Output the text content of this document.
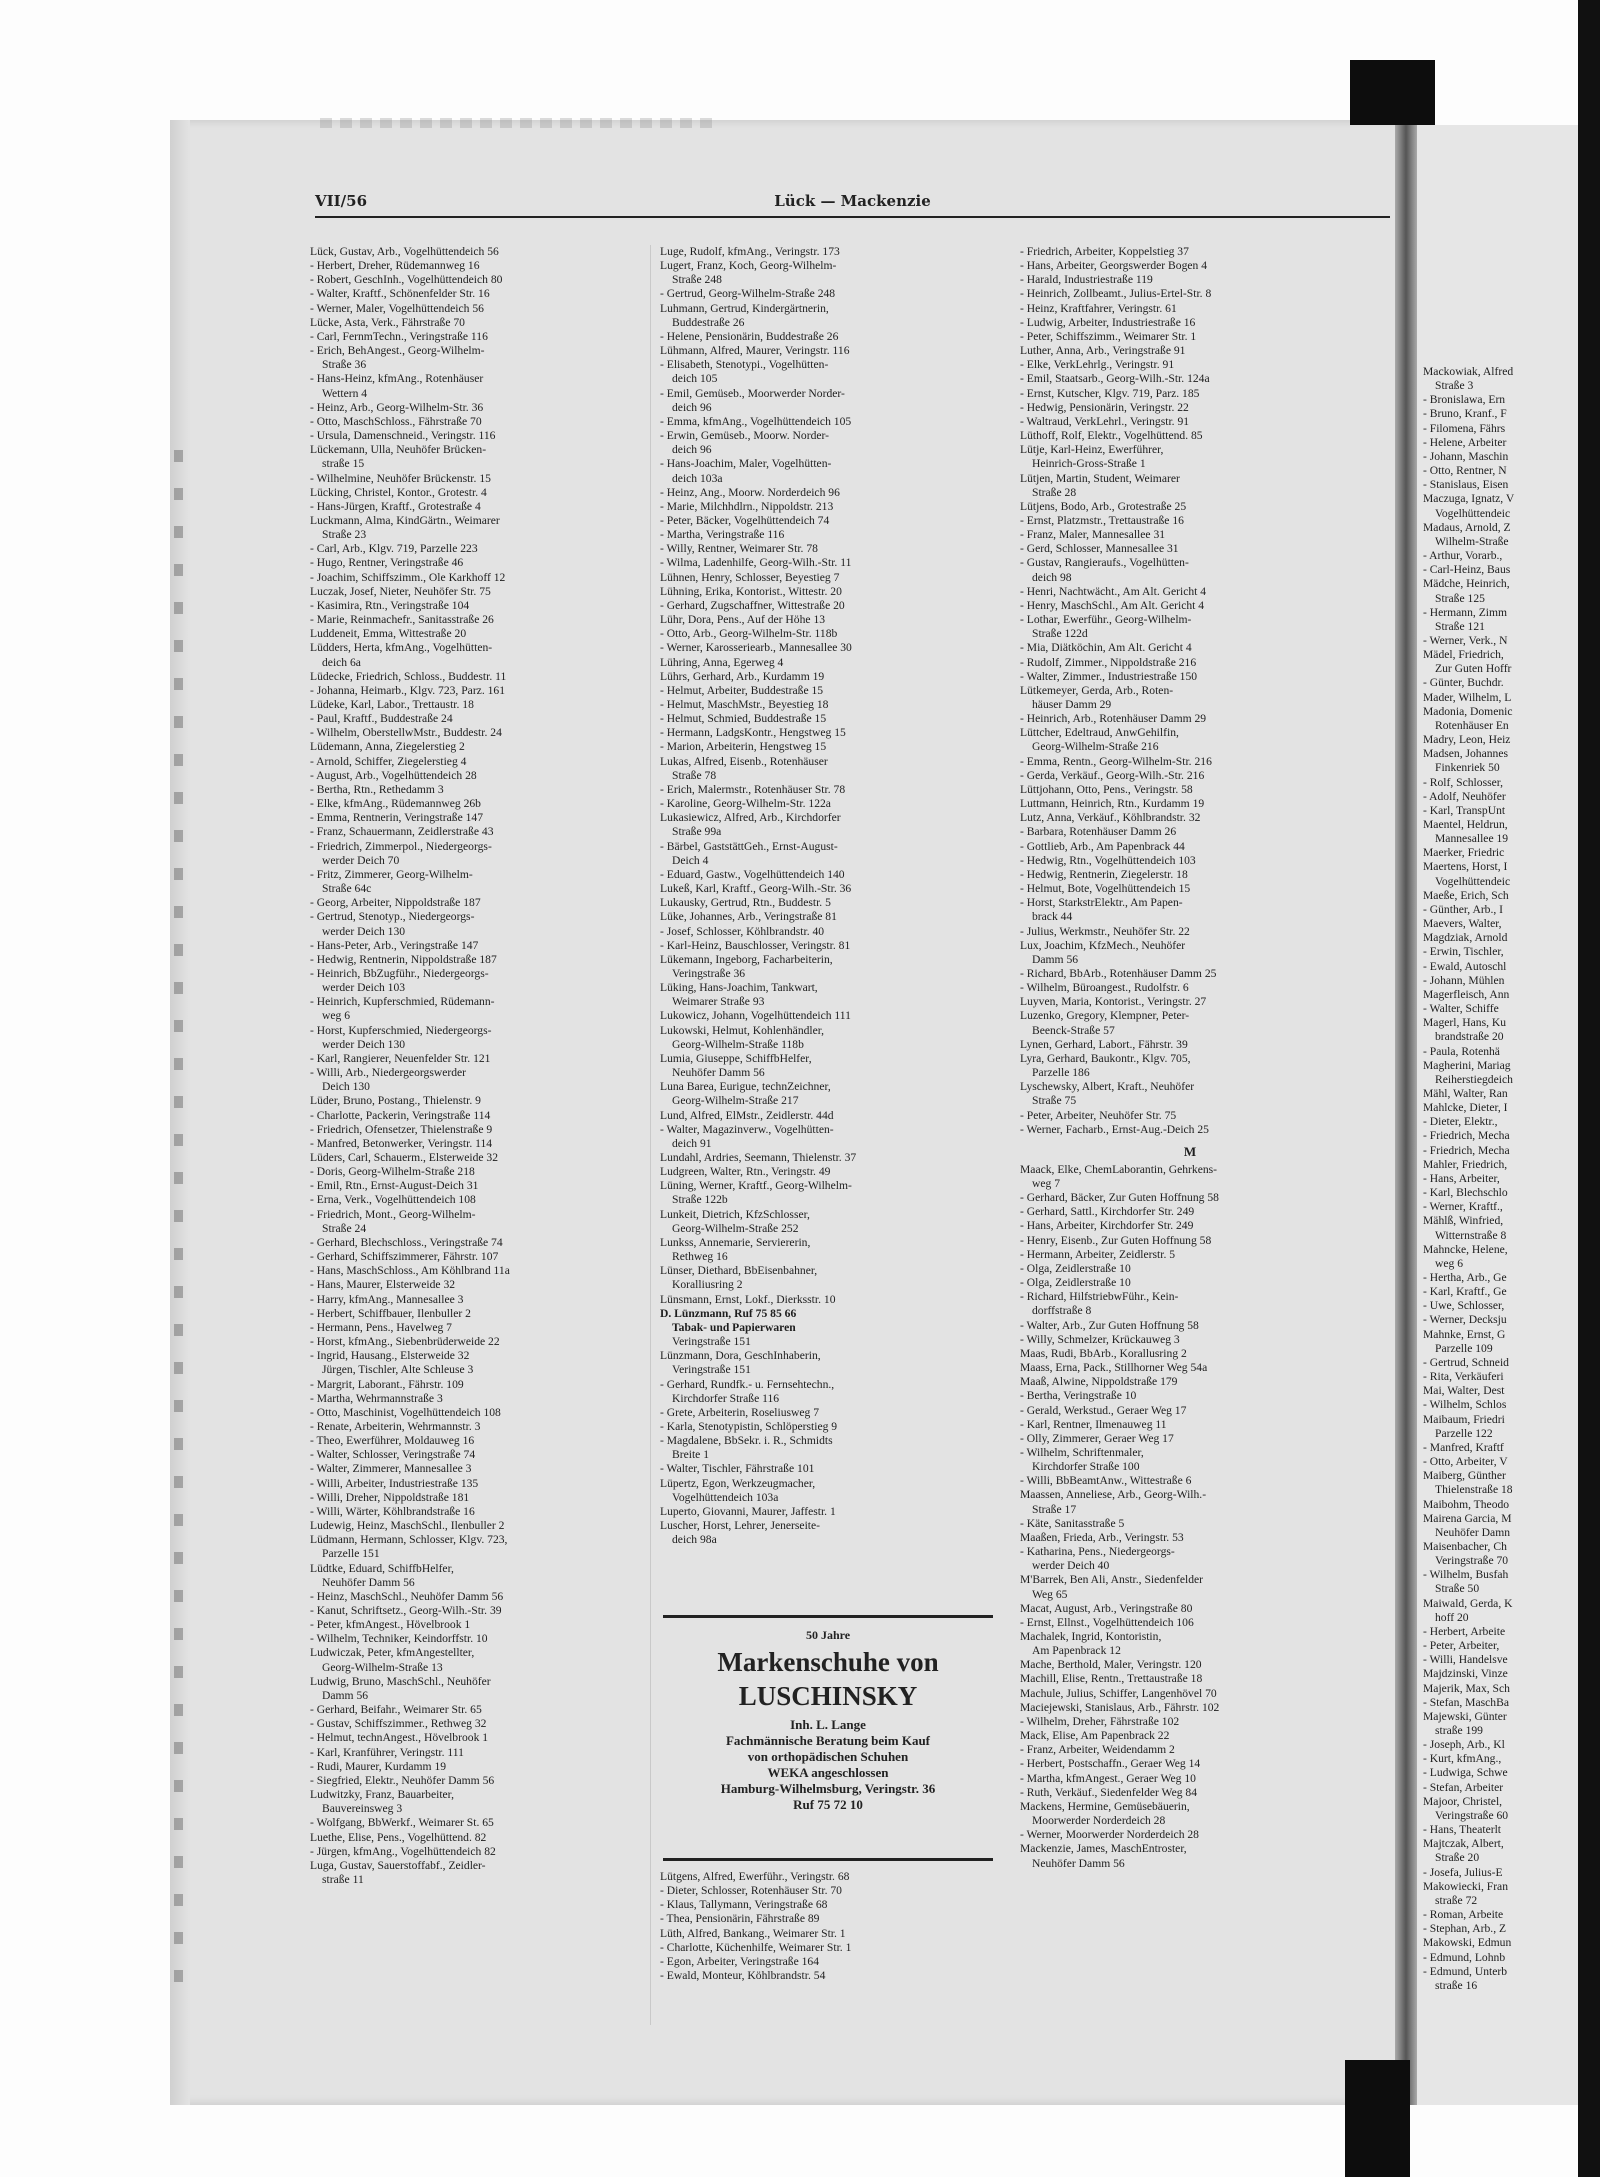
Mackowiak, Alfred
Straße 3
- Bronislawa, Ern
- Bruno, Kranf., F
- Filomena, Fährs
- Helene, Arbeiter
- Johann, Maschin
- Otto, Rentner, N
- Stanislaus, Eisen
Maczuga, Ignatz, V
Vogelhüttendeic
Madaus, Arnold, Z
Wilhelm-Straße
- Arthur, Vorarb.,
- Carl-Heinz, Baus
Mädche, Heinrich,
Straße 125
- Hermann, Zimm
Straße 121
- Werner, Verk., N
Mädel, Friedrich,
Zur Guten Hoffr
- Günter, Buchdr.
Mader, Wilhelm, L
Madonia, Domenic
Rotenhäuser En
Madry, Leon, Heiz
Madsen, Johannes
Finkenriek 50
- Rolf, Schlosser,
- Adolf, Neuhöfer
- Karl, TranspUnt
Maentel, Heldrun,
Mannesallee 19
Maerker, Friedric
Maertens, Horst, I
Vogelhüttendeic
Maeße, Erich, Sch
- Günther, Arb., I
Maevers, Walter,
Magdziak, Arnold
- Erwin, Tischler,
- Ewald, Autoschl
- Johann, Mühlen
Magerfleisch, Ann
- Walter, Schiffe
Magerl, Hans, Ku
brandstraße 20
- Paula, Rotenhä
Magherini, Mariag
Reiherstiegdeich
Mähl, Walter, Ran
Mahlcke, Dieter, I
- Dieter, Elektr.,
- Friedrich, Mecha
- Friedrich, Mecha
Mahler, Friedrich,
- Hans, Arbeiter,
- Karl, Blechschlo
- Werner, Kraftf.,
Mählß, Winfried,
Witternstraße 8
Mahncke, Helene,
weg 6
- Hertha, Arb., Ge
- Karl, Kraftf., Ge
- Uwe, Schlosser,
- Werner, Decksju
Mahnke, Ernst, G
Parzelle 109
- Gertrud, Schneid
- Rita, Verkäuferi
Mai, Walter, Dest
- Wilhelm, Schlos
Maibaum, Friedri
Parzelle 122
- Manfred, Kraftf
- Otto, Arbeiter, V
Maiberg, Günther
Thielenstraße 18
Maibohm, Theodo
Mairena Garcia, M
Neuhöfer Damn
Maisenbacher, Ch
Veringstraße 70
- Wilhelm, Busfah
Straße 50
Maiwald, Gerda, K
hoff 20
- Herbert, Arbeite
- Peter, Arbeiter,
- Willi, Handelsve
Majdzinski, Vinze
Majerik, Max, Sch
- Stefan, MaschBa
Majewski, Günter
straße 199
- Joseph, Arb., Kl
- Kurt, kfmAng.,
- Ludwiga, Schwe
- Stefan, Arbeiter
Majoor, Christel,
Veringstraße 60
- Hans, Theaterlt
Majtczak, Albert,
Straße 20
- Josefa, Julius-E
Makowiecki, Fran
straße 72
- Roman, Arbeite
- Stephan, Arb., Z
Makowski, Edmun
- Edmund, Lohnb
- Edmund, Unterb
straße 16
VII/56	Lück — Mackenzie
Lück, Gustav, Arb., Vogelhüttendeich 56
- Herbert, Dreher, Rüdemannweg 16
- Robert, GeschInh., Vogelhüttendeich 80
- Walter, Kraftf., Schönenfelder Str. 16
- Werner, Maler, Vogelhüttendeich 56
Lücke, Asta, Verk., Fährstraße 70
- Carl, FernmTechn., Veringstraße 116
- Erich, BehAngest., Georg-Wilhelm-
Straße 36
- Hans-Heinz, kfmAng., Rotenhäuser
Wettern 4
- Heinz, Arb., Georg-Wilhelm-Str. 36
- Otto, MaschSchloss., Fährstraße 70
- Ursula, Damenschneid., Veringstr. 116
Lückemann, Ulla, Neuhöfer Brücken-
straße 15
- Wilhelmine, Neuhöfer Brückenstr. 15
Lücking, Christel, Kontor., Grotestr. 4
- Hans-Jürgen, Kraftf., Grotestraße 4
Luckmann, Alma, KindGärtn., Weimarer
Straße 23
- Carl, Arb., Klgv. 719, Parzelle 223
- Hugo, Rentner, Veringstraße 46
- Joachim, Schiffszimm., Ole Karkhoff 12
Luczak, Josef, Nieter, Neuhöfer Str. 75
- Kasimira, Rtn., Veringstraße 104
- Marie, Reinmachefr., Sanitasstraße 26
Luddeneit, Emma, Wittestraße 20
Lüdders, Herta, kfmAng., Vogelhütten-
deich 6a
Lüdecke, Friedrich, Schloss., Buddestr. 11
- Johanna, Heimarb., Klgv. 723, Parz. 161
Lüdeke, Karl, Labor., Trettaustr. 18
- Paul, Kraftf., Buddestraße 24
- Wilhelm, OberstellwMstr., Buddestr. 24
Lüdemann, Anna, Ziegelerstieg 2
- Arnold, Schiffer, Ziegelerstieg 4
- August, Arb., Vogelhüttendeich 28
- Bertha, Rtn., Rethedamm 3
- Elke, kfmAng., Rüdemannweg 26b
- Emma, Rentnerin, Veringstraße 147
- Franz, Schauermann, Zeidlerstraße 43
- Friedrich, Zimmerpol., Niedergeorgs-
werder Deich 70
- Fritz, Zimmerer, Georg-Wilhelm-
Straße 64c
- Georg, Arbeiter, Nippoldstraße 187
- Gertrud, Stenotyp., Niedergeorgs-
werder Deich 130
- Hans-Peter, Arb., Veringstraße 147
- Hedwig, Rentnerin, Nippoldstraße 187
- Heinrich, BbZugführ., Niedergeorgs-
werder Deich 103
- Heinrich, Kupferschmied, Rüdemann-
weg 6
- Horst, Kupferschmied, Niedergeorgs-
werder Deich 130
- Karl, Rangierer, Neuenfelder Str. 121
- Willi, Arb., Niedergeorgswerder
Deich 130
Lüder, Bruno, Postang., Thielenstr. 9
- Charlotte, Packerin, Veringstraße 114
- Friedrich, Ofensetzer, Thielenstraße 9
- Manfred, Betonwerker, Veringstr. 114
Lüders, Carl, Schauerm., Elsterweide 32
- Doris, Georg-Wilhelm-Straße 218
- Emil, Rtn., Ernst-August-Deich 31
- Erna, Verk., Vogelhüttendeich 108
- Friedrich, Mont., Georg-Wilhelm-
Straße 24
- Gerhard, Blechschloss., Veringstraße 74
- Gerhard, Schiffszimmerer, Fährstr. 107
- Hans, MaschSchloss., Am Köhlbrand 11a
- Hans, Maurer, Elsterweide 32
- Harry, kfmAng., Mannesallee 3
- Herbert, Schiffbauer, Ilenbuller 2
- Hermann, Pens., Havelweg 7
- Horst, kfmAng., Siebenbrüderweide 22
- Ingrid, Hausang., Elsterweide 32
Jürgen, Tischler, Alte Schleuse 3
- Margrit, Laborant., Fährstr. 109
- Martha, Wehrmannstraße 3
- Otto, Maschinist, Vogelhüttendeich 108
- Renate, Arbeiterin, Wehrmannstr. 3
- Theo, Ewerführer, Moldauweg 16
- Walter, Schlosser, Veringstraße 74
- Walter, Zimmerer, Mannesallee 3
- Willi, Arbeiter, Industriestraße 135
- Willi, Dreher, Nippoldstraße 181
- Willi, Wärter, Köhlbrandstraße 16
Ludewig, Heinz, MaschSchl., Ilenbuller 2
Lüdmann, Hermann, Schlosser, Klgv. 723,
Parzelle 151
Lüdtke, Eduard, SchiffbHelfer,
Neuhöfer Damm 56
- Heinz, MaschSchl., Neuhöfer Damm 56
- Kanut, Schriftsetz., Georg-Wilh.-Str. 39
- Peter, kfmAngest., Hövelbrook 1
- Wilhelm, Techniker, Keindorffstr. 10
Ludwiczak, Peter, kfmAngestellter,
Georg-Wilhelm-Straße 13
Ludwig, Bruno, MaschSchl., Neuhöfer
Damm 56
- Gerhard, Beifahr., Weimarer Str. 65
- Gustav, Schiffszimmer., Rethweg 32
- Helmut, technAngest., Hövelbrook 1
- Karl, Kranführer, Veringstr. 111
- Rudi, Maurer, Kurdamm 19
- Siegfried, Elektr., Neuhöfer Damm 56
Ludwitzky, Franz, Bauarbeiter,
Bauvereinsweg 3
- Wolfgang, BbWerkf., Weimarer St. 65
Luethe, Elise, Pens., Vogelhüttend. 82
- Jürgen, kfmAng., Vogelhüttendeich 82
Luga, Gustav, Sauerstoffabf., Zeidler-
straße 11
Luge, Rudolf, kfmAng., Veringstr. 173
Lugert, Franz, Koch, Georg-Wilhelm-
Straße 248
- Gertrud, Georg-Wilhelm-Straße 248
Luhmann, Gertrud, Kindergärtnerin,
Buddestraße 26
- Helene, Pensionärin, Buddestraße 26
Lühmann, Alfred, Maurer, Veringstr. 116
- Elisabeth, Stenotypi., Vogelhütten-
deich 105
- Emil, Gemüseb., Moorwerder Norder-
deich 96
- Emma, kfmAng., Vogelhüttendeich 105
- Erwin, Gemüseb., Moorw. Norder-
deich 96
- Hans-Joachim, Maler, Vogelhütten-
deich 103a
- Heinz, Ang., Moorw. Norderdeich 96
- Marie, Milchhdlrn., Nippoldstr. 213
- Peter, Bäcker, Vogelhüttendeich 74
- Martha, Veringstraße 116
- Willy, Rentner, Weimarer Str. 78
- Wilma, Ladenhilfe, Georg-Wilh.-Str. 11
Lühnen, Henry, Schlosser, Beyestieg 7
Lühning, Erika, Kontorist., Wittestr. 20
- Gerhard, Zugschaffner, Wittestraße 20
Lühr, Dora, Pens., Auf der Höhe 13
- Otto, Arb., Georg-Wilhelm-Str. 118b
- Werner, Karosseriearb., Mannesallee 30
Lühring, Anna, Egerweg 4
Lührs, Gerhard, Arb., Kurdamm 19
- Helmut, Arbeiter, Buddestraße 15
- Helmut, MaschMstr., Beyestieg 18
- Helmut, Schmied, Buddestraße 15
- Hermann, LadgsKontr., Hengstweg 15
- Marion, Arbeiterin, Hengstweg 15
Lukas, Alfred, Eisenb., Rotenhäuser
Straße 78
- Erich, Malermstr., Rotenhäuser Str. 78
- Karoline, Georg-Wilhelm-Str. 122a
Lukasiewicz, Alfred, Arb., Kirchdorfer
Straße 99a
- Bärbel, GaststättGeh., Ernst-August-
Deich 4
- Eduard, Gastw., Vogelhüttendeich 140
Lukeß, Karl, Kraftf., Georg-Wilh.-Str. 36
Lukausky, Gertrud, Rtn., Buddestr. 5
Lüke, Johannes, Arb., Veringstraße 81
- Josef, Schlosser, Köhlbrandstr. 40
- Karl-Heinz, Bauschlosser, Veringstr. 81
Lükemann, Ingeborg, Facharbeiterin,
Veringstraße 36
Lüking, Hans-Joachim, Tankwart,
Weimarer Straße 93
Lukowicz, Johann, Vogelhüttendeich 111
Lukowski, Helmut, Kohlenhändler,
Georg-Wilhelm-Straße 118b
Lumia, Giuseppe, SchiffbHelfer,
Neuhöfer Damm 56
Luna Barea, Eurigue, technZeichner,
Georg-Wilhelm-Straße 217
Lund, Alfred, ElMstr., Zeidlerstr. 44d
- Walter, Magazinverw., Vogelhütten-
deich 91
Lundahl, Ardries, Seemann, Thielenstr. 37
Ludgreen, Walter, Rtn., Veringstr. 49
Lüning, Werner, Kraftf., Georg-Wilhelm-
Straße 122b
Lunkeit, Dietrich, KfzSchlosser,
Georg-Wilhelm-Straße 252
Lunkss, Annemarie, Serviererin,
Rethweg 16
Lünser, Diethard, BbEisenbahner,
Koralliusring 2
Lünsmann, Ernst, Lokf., Dierksstr. 10
D. Lünzmann, Ruf 75 85 66
Tabak- und Papierwaren
Veringstraße 151
Lünzmann, Dora, GeschInhaberin,
Veringstraße 151
- Gerhard, Rundfk.- u. Fernsehtechn.,
Kirchdorfer Straße 116
- Grete, Arbeiterin, Roseliusweg 7
- Karla, Stenotypistin, Schlöperstieg 9
- Magdalene, BbSekr. i. R., Schmidts
Breite 1
- Walter, Tischler, Fährstraße 101
Lüpertz, Egon, Werkzeugmacher,
Vogelhüttendeich 103a
Luperto, Giovanni, Maurer, Jaffestr. 1
Luscher, Horst, Lehrer, Jenerseite-
deich 98a
- Friedrich, Arbeiter, Koppelstieg 37
- Hans, Arbeiter, Georgswerder Bogen 4
- Harald, Industriestraße 119
- Heinrich, Zollbeamt., Julius-Ertel-Str. 8
- Heinz, Kraftfahrer, Veringstr. 61
- Ludwig, Arbeiter, Industriestraße 16
- Peter, Schiffszimm., Weimarer Str. 1
Luther, Anna, Arb., Veringstraße 91
- Elke, VerkLehrlg., Veringstr. 91
- Emil, Staatsarb., Georg-Wilh.-Str. 124a
- Ernst, Kutscher, Klgv. 719, Parz. 185
- Hedwig, Pensionärin, Veringstr. 22
- Waltraud, VerkLehrl., Veringstr. 91
Lüthoff, Rolf, Elektr., Vogelhüttend. 85
Lütje, Karl-Heinz, Ewerführer,
Heinrich-Gross-Straße 1
Lütjen, Martin, Student, Weimarer
Straße 28
Lütjens, Bodo, Arb., Grotestraße 25
- Ernst, Platzmstr., Trettaustraße 16
- Franz, Maler, Mannesallee 31
- Gerd, Schlosser, Mannesallee 31
- Gustav, Rangieraufs., Vogelhütten-
deich 98
- Henri, Nachtwächt., Am Alt. Gericht 4
- Henry, MaschSchl., Am Alt. Gericht 4
- Lothar, Ewerführ., Georg-Wilhelm-
Straße 122d
- Mia, Diätköchin, Am Alt. Gericht 4
- Rudolf, Zimmer., Nippoldstraße 216
- Walter, Zimmer., Industriestraße 150
Lütkemeyer, Gerda, Arb., Roten-
häuser Damm 29
- Heinrich, Arb., Rotenhäuser Damm 29
Lüttcher, Edeltraud, AnwGehilfin,
Georg-Wilhelm-Straße 216
- Emma, Rentn., Georg-Wilhelm-Str. 216
- Gerda, Verkäuf., Georg-Wilh.-Str. 216
Lüttjohann, Otto, Pens., Veringstr. 58
Luttmann, Heinrich, Rtn., Kurdamm 19
Lutz, Anna, Verkäuf., Köhlbrandstr. 32
- Barbara, Rotenhäuser Damm 26
- Gottlieb, Arb., Am Papenbrack 44
- Hedwig, Rtn., Vogelhüttendeich 103
- Hedwig, Rentnerin, Ziegelerstr. 18
- Helmut, Bote, Vogelhüttendeich 15
- Horst, StarkstrElektr., Am Papen-
brack 44
- Julius, Werkmstr., Neuhöfer Str. 22
Lux, Joachim, KfzMech., Neuhöfer
Damm 56
- Richard, BbArb., Rotenhäuser Damm 25
- Wilhelm, Büroangest., Rudolfstr. 6
Luyven, Maria, Kontorist., Veringstr. 27
Luzenko, Gregory, Klempner, Peter-
Beenck-Straße 57
Lynen, Gerhard, Labort., Fährstr. 39
Lyra, Gerhard, Baukontr., Klgv. 705,
Parzelle 186
Lyschewsky, Albert, Kraft., Neuhöfer
Straße 75
- Peter, Arbeiter, Neuhöfer Str. 75
- Werner, Facharb., Ernst-Aug.-Deich 25
M
Maack, Elke, ChemLaborantin, Gehrkens-
weg 7
- Gerhard, Bäcker, Zur Guten Hoffnung 58
- Gerhard, Sattl., Kirchdorfer Str. 249
- Hans, Arbeiter, Kirchdorfer Str. 249
- Henry, Eisenb., Zur Guten Hoffnung 58
- Hermann, Arbeiter, Zeidlerstr. 5
- Olga, Zeidlerstraße 10
- Olga, Zeidlerstraße 10
- Richard, HilfstriebwFühr., Kein-
dorffstraße 8
- Walter, Arb., Zur Guten Hoffnung 58
- Willy, Schmelzer, Krückauweg 3
Maas, Rudi, BbArb., Korallusring 2
Maass, Erna, Pack., Stillhorner Weg 54a
Maaß, Alwine, Nippoldstraße 179
- Bertha, Veringstraße 10
- Gerald, Werkstud., Geraer Weg 17
- Karl, Rentner, Ilmenauweg 11
- Olly, Zimmerer, Geraer Weg 17
- Wilhelm, Schriftenmaler,
Kirchdorfer Straße 100
- Willi, BbBeamtAnw., Wittestraße 6
Maassen, Anneliese, Arb., Georg-Wilh.-
Straße 17
- Käte, Sanitasstraße 5
Maaßen, Frieda, Arb., Veringstr. 53
- Katharina, Pens., Niedergeorgs-
werder Deich 40
M'Barrek, Ben Ali, Anstr., Siedenfelder
Weg 65
Macat, August, Arb., Veringstraße 80
- Ernst, Ellnst., Vogelhüttendeich 106
Machalek, Ingrid, Kontoristin,
Am Papenbrack 12
Mache, Berthold, Maler, Veringstr. 120
Machill, Elise, Rentn., Trettaustraße 18
Machule, Julius, Schiffer, Langenhövel 70
Maciejewski, Stanislaus, Arb., Fährstr. 102
- Wilhelm, Dreher, Fährstraße 102
Mack, Elise, Am Papenbrack 22
- Franz, Arbeiter, Weidendamm 2
- Herbert, Postschaffn., Geraer Weg 14
- Martha, kfmAngest., Geraer Weg 10
- Ruth, Verkäuf., Siedenfelder Weg 84
Mackens, Hermine, Gemüsebäuerin,
Moorwerder Norderdeich 28
- Werner, Moorwerder Norderdeich 28
Mackenzie, James, MaschEntroster,
Neuhöfer Damm 56
50 Jahre
Markenschuhe von
LUSCHINSKY
Inh. L. Lange
Fachmännische Beratung beim Kauf
von orthopädischen Schuhen
WEKA angeschlossen
Hamburg-Wilhelmsburg, Veringstr. 36
Ruf 75 72 10
Lütgens, Alfred, Ewerführ., Veringstr. 68
- Dieter, Schlosser, Rotenhäuser Str. 70
- Klaus, Tallymann, Veringstraße 68
- Thea, Pensionärin, Fährstraße 89
Lüth, Alfred, Bankang., Weimarer Str. 1
- Charlotte, Küchenhilfe, Weimarer Str. 1
- Egon, Arbeiter, Veringstraße 164
- Ewald, Monteur, Köhlbrandstr. 54
